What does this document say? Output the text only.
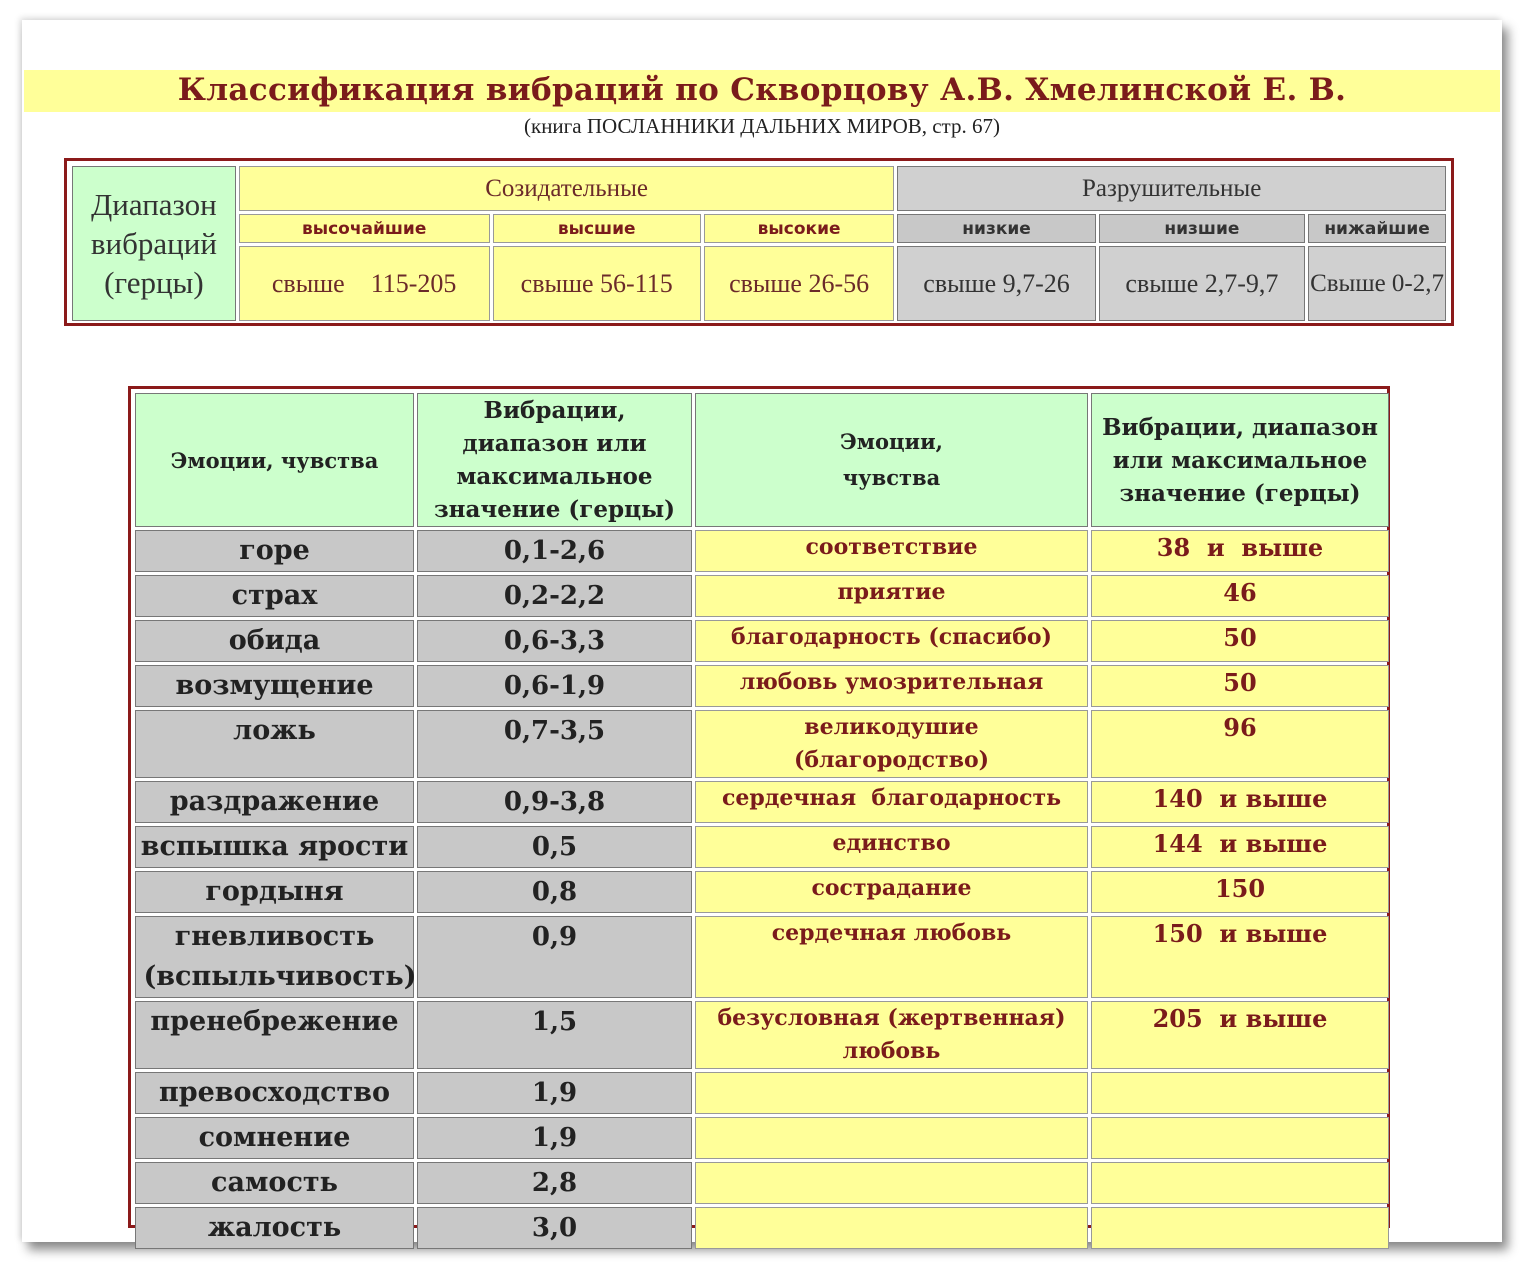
Классификация вибраций по Скворцову А.В. Хмелинской Е. В.
(книга ПОСЛАННИКИ ДАЛЬНИХ МИРОВ, стр. 67)
Диапазон вибраций (герцы)	Созидательные			Разрушительные		
	высочайшие	высшие	высокие	низкие	низшие	нижайшие
	свыше    115-205	свыше 56-115	свыше 26-56	свыше 9,7-26	свыше 2,7-9,7	Свыше 0-2,7
Эмоции, чувства	Вибрации, диапазон или максимальное значение (герцы)	Эмоции, чувства	Вибрации, диапазон или максимальное значение (герцы)
горе	0,1-2,6	соответствие	38  и  выше
страх	0,2-2,2	приятие	46
обида	0,6-3,3	благодарность (спасибо)	50
возмущение	0,6-1,9	любовь умозрительная	50
ложь	0,7-3,5	великодушие (благородство)	96
раздражение	0,9-3,8	сердечная  благодарность	140  и выше
вспышка ярости	0,5	единство	144  и выше
гордыня	0,8	сострадание	150

гневливость (вспыльчивость)	0,9	сердечная любовь	150  и выше
пренебрежение	1,5	безусловная (жертвенная) любовь	205  и выше
превосходство	1,9		
сомнение	1,9		
самость	2,8		
жалость	3,0		
